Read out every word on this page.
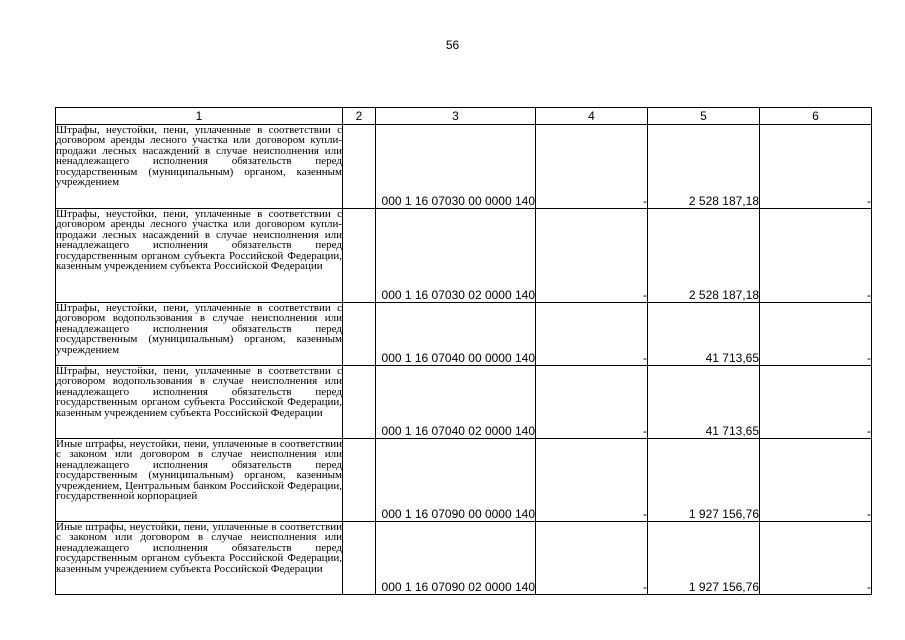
56
1	2	3	4	5	6
Штрафы, неустойки, пени, уплаченные в соответствии с договором аренды лесного участка или договором купли-продажи лесных насаждений в случае неисполнения или ненадлежащего исполнения обязательств перед государственным (муниципальным) органом, казенным учреждением		000 1 16 07030 00 0000 140	-	2 528 187,18	-
Штрафы, неустойки, пени, уплаченные в соответствии с договором аренды лесного участка или договором купли-продажи лесных насаждений в случае неисполнения или ненадлежащего исполнения обязательств перед государственным органом субъекта Российской Федерации, казенным учреждением субъекта Российской Федерации		000 1 16 07030 02 0000 140	-	2 528 187,18	-
Штрафы, неустойки, пени, уплаченные в соответствии с договором водопользования в случае неисполнения или ненадлежащего исполнения обязательств перед государственным (муниципальным) органом, казенным учреждением		000 1 16 07040 00 0000 140	-	41 713,65	-
Штрафы, неустойки, пени, уплаченные в соответствии с договором водопользования в случае неисполнения или ненадлежащего исполнения обязательств перед государственным органом субъекта Российской Федерации, казенным учреждением субъекта Российской Федерации		000 1 16 07040 02 0000 140	-	41 713,65	-
Иные штрафы, неустойки, пени, уплаченные в соответствии с законом или договором в случае неисполнения или ненадлежащего исполнения обязательств перед государственным (муниципальным) органом, казенным учреждением, Центральным банком Российской Федерации, государственной корпорацией		000 1 16 07090 00 0000 140	-	1 927 156,76	-
Иные штрафы, неустойки, пени, уплаченные в соответствии с законом или договором в случае неисполнения или ненадлежащего исполнения обязательств перед государственным органом субъекта Российской Федерации, казенным учреждением субъекта Российской Федерации		000 1 16 07090 02 0000 140	-	1 927 156,76	-
